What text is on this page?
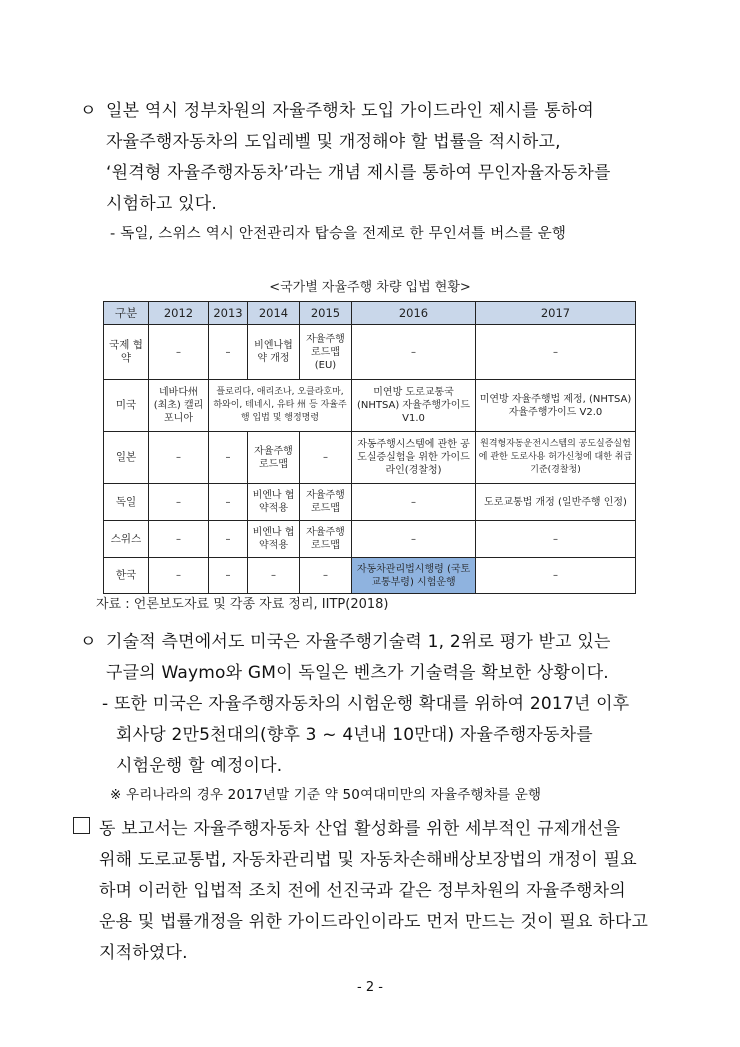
ㅇ 일본 역시 정부차원의 자율주행차 도입 가이드라인 제시를 통하여
자율주행자동차의 도입레벨 및 개정해야 할 법률을 적시하고,
‘원격형 자율주행자동차’라는 개념 제시를 통하여 무인자율자동차를
시험하고 있다.
- 독일, 스위스 역시 안전관리자 탑승을 전제로 한 무인셔틀 버스를 운행
<국가별 자율주행 차량 입법 현황>
구분	2012	2013	2014	2015	2016	2017
국제 협약	–	–	비엔나협약 개정	자율주행 로드맵 (EU)	–	–
미국	네바다州 (최초) 캘리포니아	플로리다, 애리조나, 오클라호마, 하와이, 테네시, 유타 州 등 자율주행 입법 및 행정명령			미연방 도로교통국 (NHTSA) 자율주행가이드 V1.0	미연방 자율주행법 제정, (NHTSA) 자율주행가이드 V2.0
일본	–	–	자율주행 로드맵	–	자동주행시스템에 관한 공도실증실험을 위한 가이드라인(경찰청)	원격형자동운전시스템의 공도실증실험에 관한 도로사용 허가신청에 대한 취급기준(경찰청)
독일	–	–	비엔나 협약적용	자율주행 로드맵	–	도로교통법 개정 (일반주행 인정)
스위스	–	–	비엔나 협약적용	자율주행 로드맵	–	–
한국	–	–	–	–	자동차관리법시행령 (국토교통부령) 시험운행	–
자료 : 언론보도자료 및 각종 자료 정리, IITP(2018)
ㅇ 기술적 측면에서도 미국은 자율주행기술력 1, 2위로 평가 받고 있는
구글의 Waymo와 GM이 독일은 벤츠가 기술력을 확보한 상황이다.
- 또한 미국은 자율주행자동차의 시험운행 확대를 위하여 2017년 이후
회사당 2만5천대의(향후 3 ~ 4년내 10만대) 자율주행자동차를
시험운행 할 예정이다.
※ 우리나라의 경우 2017년말 기준 약 50여대미만의 자율주행차를 운행
동 보고서는 자율주행자동차 산업 활성화를 위한 세부적인 규제개선을
위해 도로교통법, 자동차관리법 및 자동차손해배상보장법의 개정이 필요
하며 이러한 입법적 조치 전에 선진국과 같은 정부차원의 자율주행차의
운용 및 법률개정을 위한 가이드라인이라도 먼저 만드는 것이 필요 하다고
지적하였다.
- 2 -
